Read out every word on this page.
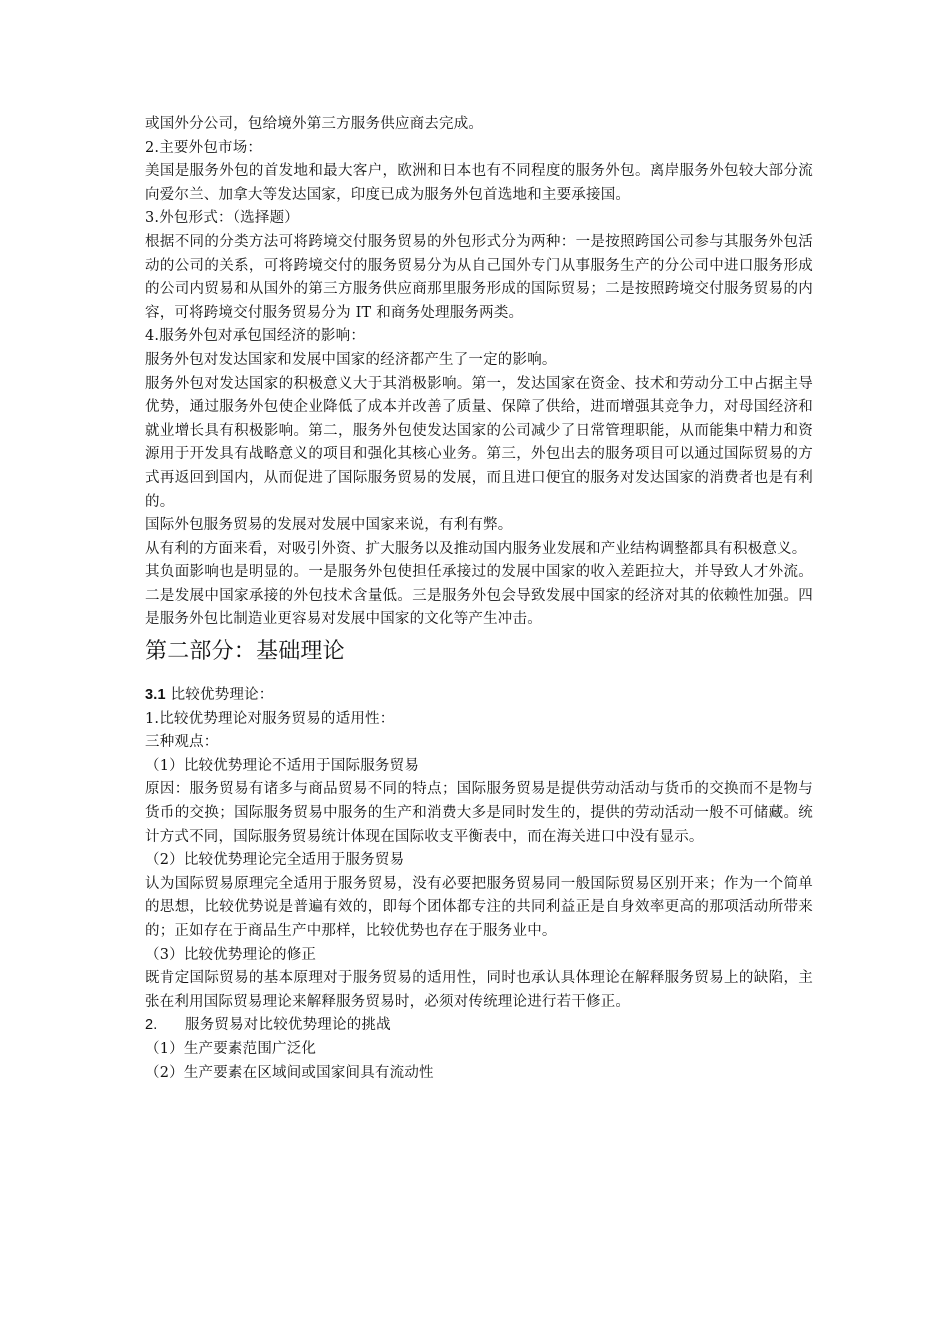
或国外分公司，包给境外第三方服务供应商去完成。

2.主要外包市场：

美国是服务外包的首发地和最大客户，欧洲和日本也有不同程度的服务外包。离岸服务外包较大部分流向爱尔兰、加拿大等发达国家，印度已成为服务外包首选地和主要承接国。

3.外包形式：（选择题）

根据不同的分类方法可将跨境交付服务贸易的外包形式分为两种：一是按照跨国公司参与其服务外包活动的公司的关系，可将跨境交付的服务贸易分为从自己国外专门从事服务生产的分公司中进口服务形成的公司内贸易和从国外的第三方服务供应商那里服务形成的国际贸易；二是按照跨境交付服务贸易的内容，可将跨境交付服务贸易分为 IT 和商务处理服务两类。

4.服务外包对承包国经济的影响：

服务外包对发达国家和发展中国家的经济都产生了一定的影响。

服务外包对发达国家的积极意义大于其消极影响。第一，发达国家在资金、技术和劳动分工中占据主导优势，通过服务外包使企业降低了成本并改善了质量、保障了供给，进而增强其竞争力，对母国经济和就业增长具有积极影响。第二，服务外包使发达国家的公司减少了日常管理职能，从而能集中精力和资源用于开发具有战略意义的项目和强化其核心业务。第三，外包出去的服务项目可以通过国际贸易的方式再返回到国内，从而促进了国际服务贸易的发展，而且进口便宜的服务对发达国家的消费者也是有利的。

国际外包服务贸易的发展对发展中国家来说，有利有弊。

从有利的方面来看，对吸引外资、扩大服务以及推动国内服务业发展和产业结构调整都具有积极意义。

其负面影响也是明显的。一是服务外包使担任承接过的发展中国家的收入差距拉大，并导致人才外流。二是发展中国家承接的外包技术含量低。三是服务外包会导致发展中国家的经济对其的依赖性加强。四是服务外包比制造业更容易对发展中国家的文化等产生冲击。

第二部分：基础理论

3.1 比较优势理论：

1.比较优势理论对服务贸易的适用性：

三种观点：

（1）比较优势理论不适用于国际服务贸易

原因：服务贸易有诸多与商品贸易不同的特点；国际服务贸易是提供劳动活动与货币的交换而不是物与货币的交换；国际服务贸易中服务的生产和消费大多是同时发生的，提供的劳动活动一般不可储藏。统计方式不同，国际服务贸易统计体现在国际收支平衡表中，而在海关进口中没有显示。

（2）比较优势理论完全适用于服务贸易

认为国际贸易原理完全适用于服务贸易，没有必要把服务贸易同一般国际贸易区别开来；作为一个简单的思想，比较优势说是普遍有效的，即每个团体都专注的共同利益正是自身效率更高的那项活动所带来的；正如存在于商品生产中那样，比较优势也存在于服务业中。

（3）比较优势理论的修正

既肯定国际贸易的基本原理对于服务贸易的适用性，同时也承认具体理论在解释服务贸易上的缺陷，主张在利用国际贸易理论来解释服务贸易时，必须对传统理论进行若干修正。

2. 服务贸易对比较优势理论的挑战

（1）生产要素范围广泛化

（2）生产要素在区域间或国家间具有流动性
